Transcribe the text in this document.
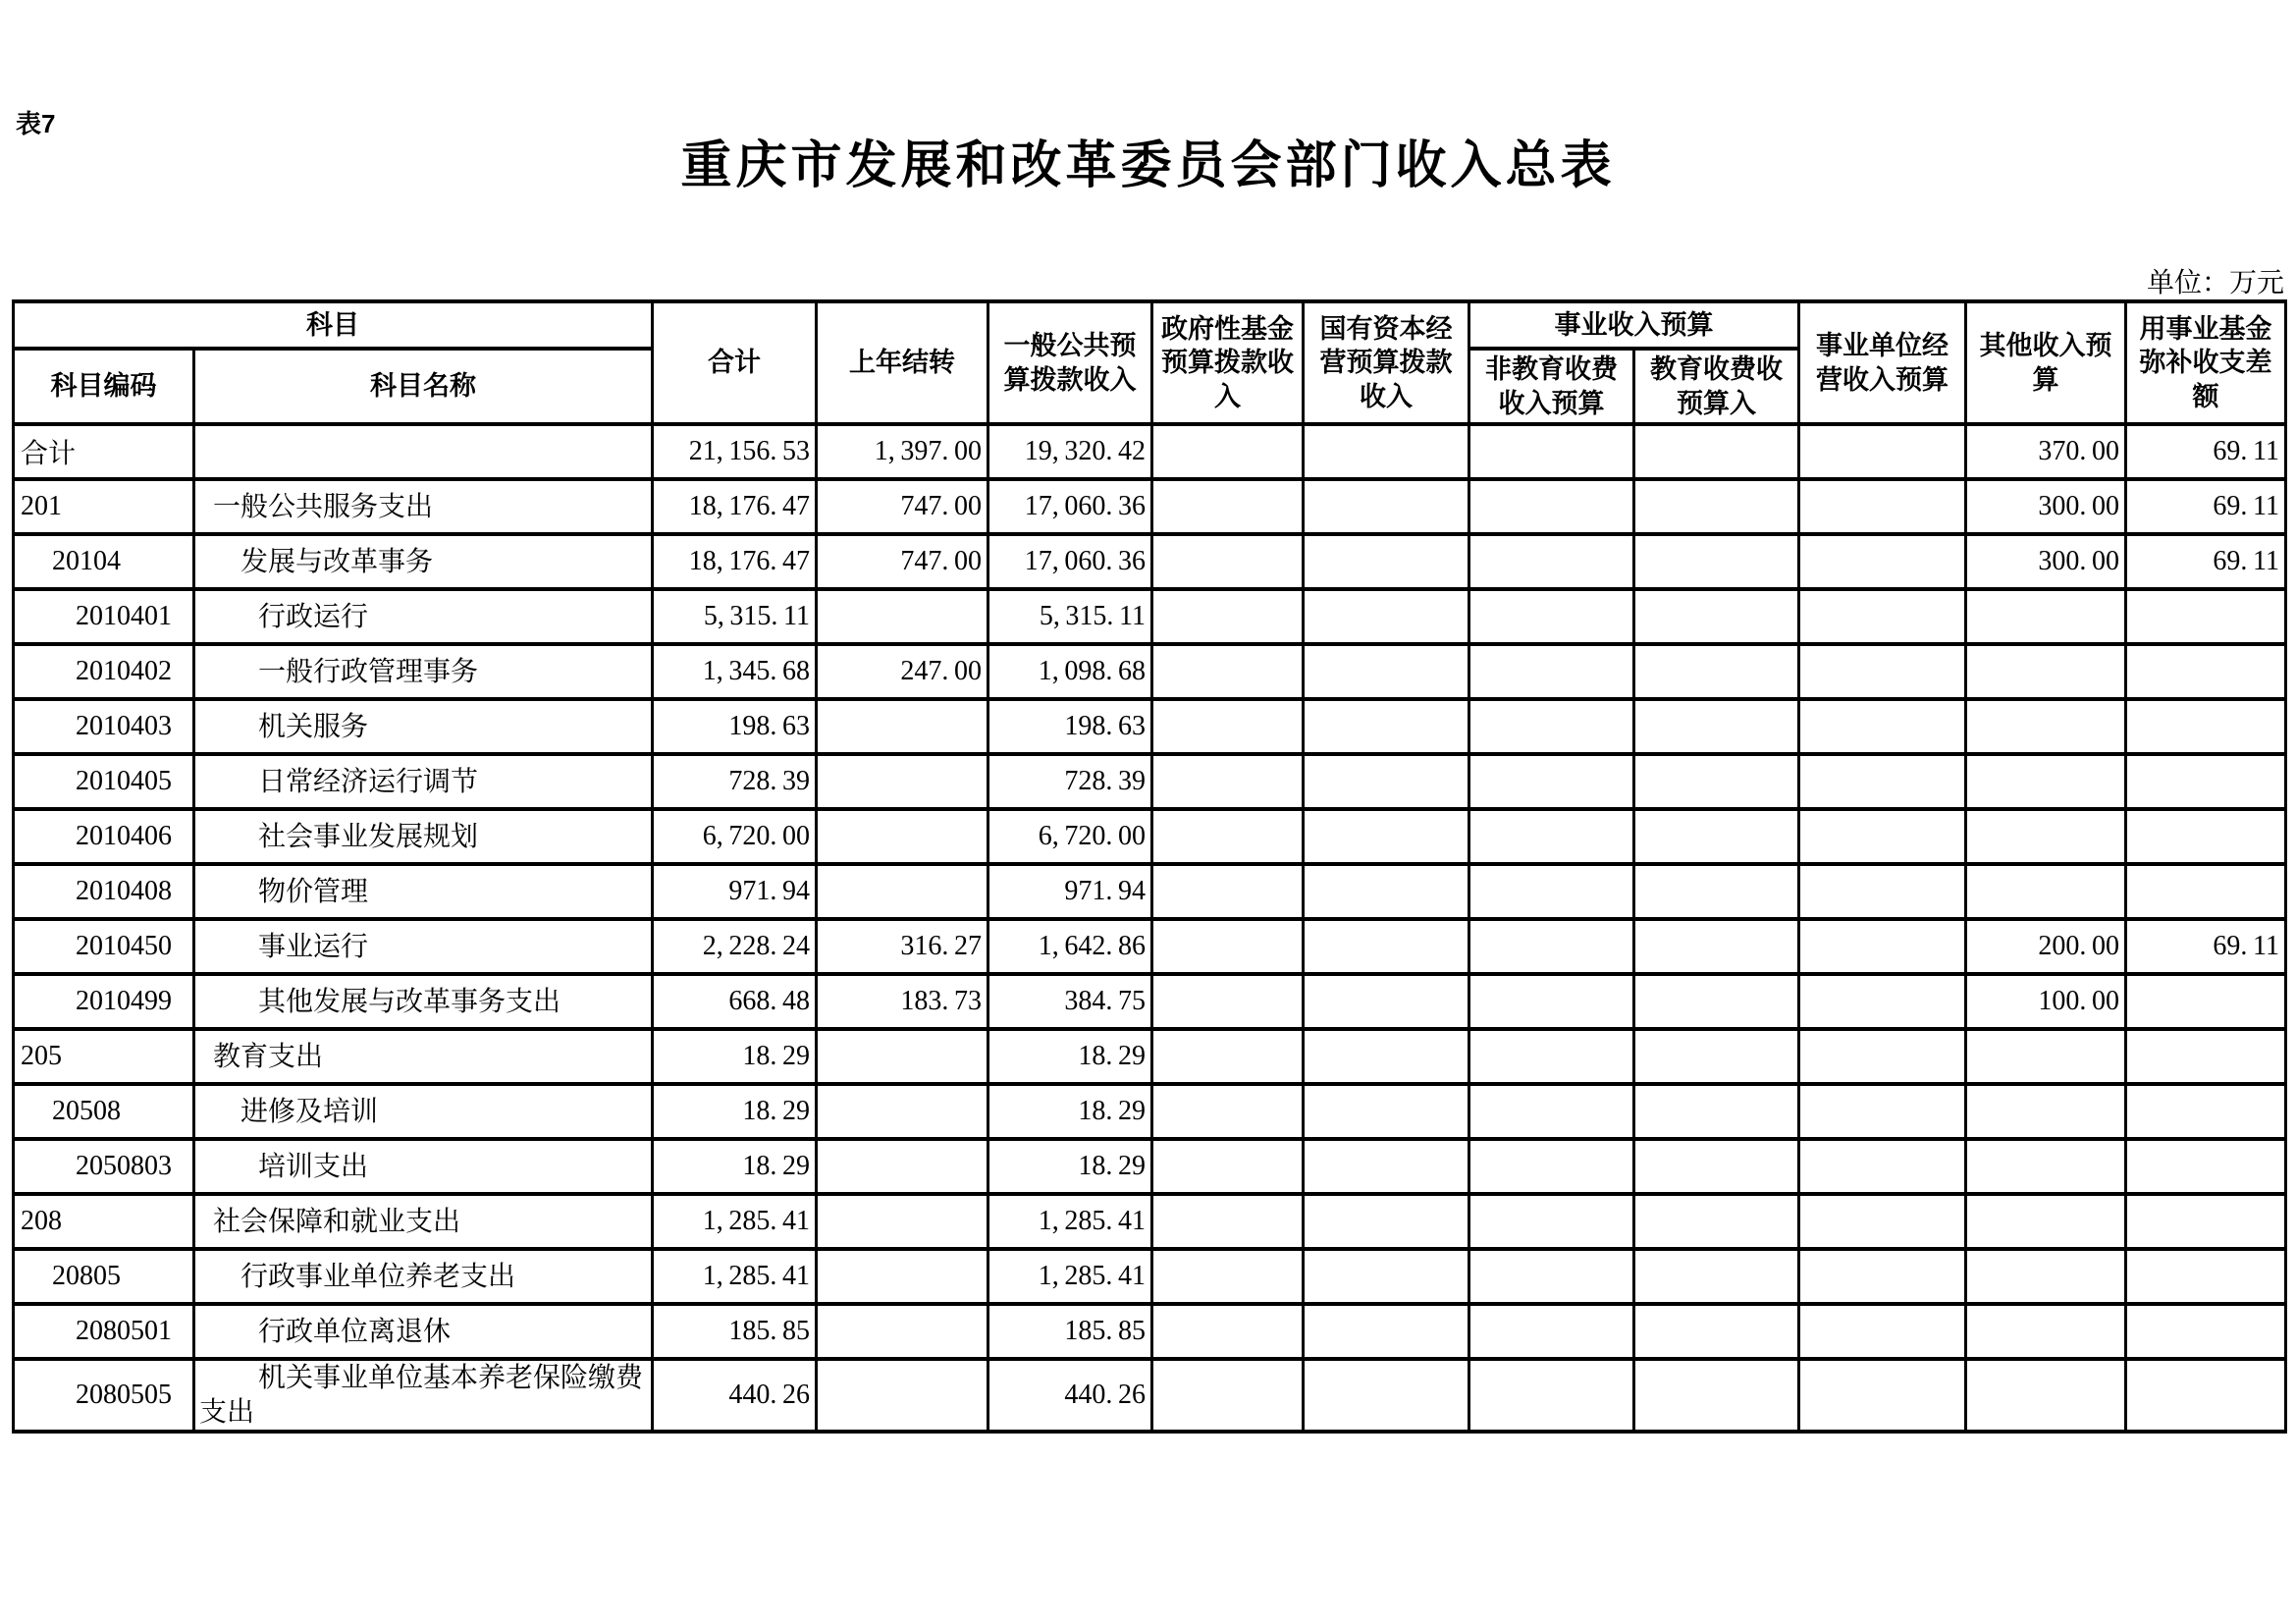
表7
重庆市发展和改革委员会部门收入总表
单位：万元
科目		合计	上年结转	一般公共预算拨款收入	政府性基金预算拨款收入	国有资本经营预算拨款收入	事业收入预算		事业单位经营收入预算	其他收入预算	用事业基金弥补收支差额
科目编码	科目名称						非教育收费收入预算	教育收费收预算入			
合计		21, 156. 53	1, 397. 00	19, 320. 42						370. 00	69. 11
201	一般公共服务支出	18, 176. 47	747. 00	17, 060. 36						300. 00	69. 11
20104	发展与改革事务	18, 176. 47	747. 00	17, 060. 36						300. 00	69. 11
2010401	行政运行	5, 315. 11		5, 315. 11							
2010402	一般行政管理事务	1, 345. 68	247. 00	1, 098. 68							
2010403	机关服务	198. 63		198. 63							
2010405	日常经济运行调节	728. 39		728. 39							
2010406	社会事业发展规划	6, 720. 00		6, 720. 00							
2010408	物价管理	971. 94		971. 94							
2010450	事业运行	2, 228. 24	316. 27	1, 642. 86						200. 00	69. 11
2010499	其他发展与改革事务支出	668. 48	183. 73	384. 75						100. 00	
205	教育支出	18. 29		18. 29							
20508	进修及培训	18. 29		18. 29							
2050803	培训支出	18. 29		18. 29							
208	社会保障和就业支出	1, 285. 41		1, 285. 41							
20805	行政事业单位养老支出	1, 285. 41		1, 285. 41							
2080501	行政单位离退休	185. 85		185. 85							
2080505	机关事业单位基本养老保险缴费支出	440. 26		440. 26							
